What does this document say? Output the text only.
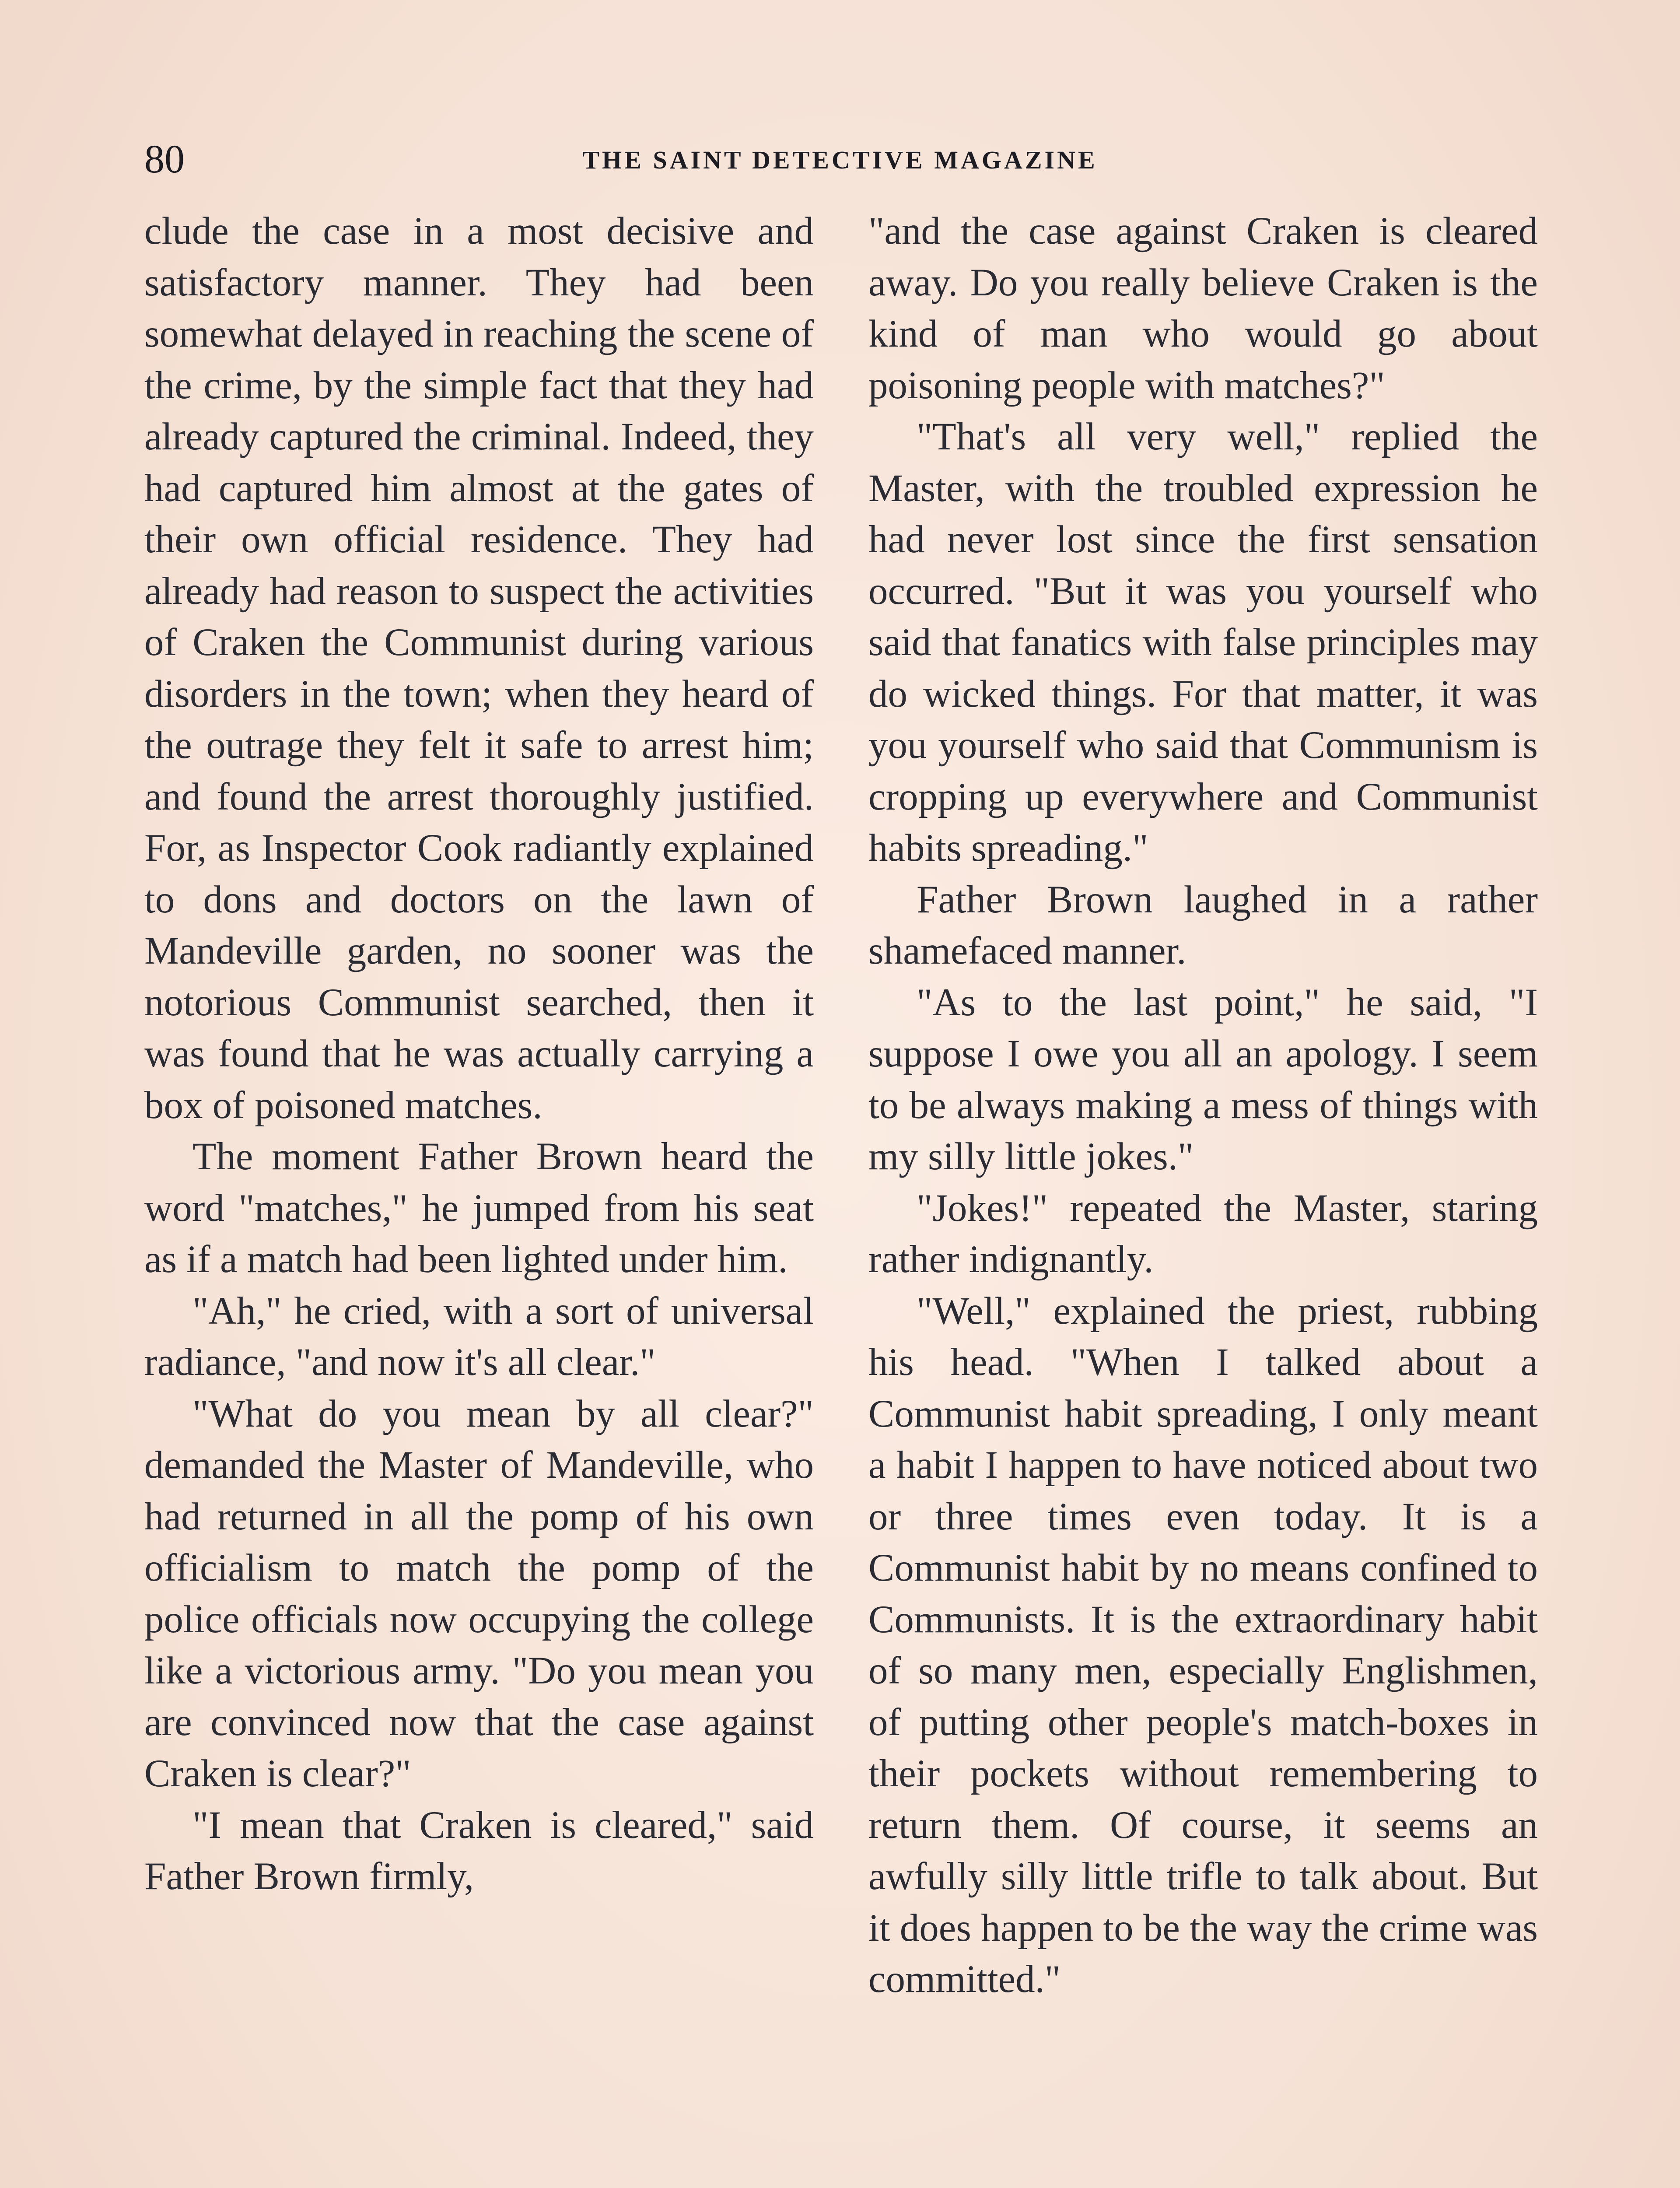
80	THE SAINT DETECTIVE MAGAZINE

clude the case in a most decisive and satisfactory manner. They had been somewhat delayed in reaching the scene of the crime, by the simple fact that they had already captured the criminal. Indeed, they had captured him almost at the gates of their own official residence. They had already had reason to suspect the activities of Craken the Communist during various disorders in the town; when they heard of the outrage they felt it safe to arrest him; and found the arrest thoroughly justified. For, as Inspector Cook radiantly explained to dons and doctors on the lawn of Mandeville garden, no sooner was the notorious Communist searched, then it was found that he was actually carrying a box of poisoned matches.

The moment Father Brown heard the word "matches," he jumped from his seat as if a match had been lighted under him.

"Ah," he cried, with a sort of universal radiance, "and now it's all clear."

"What do you mean by all clear?" demanded the Master of Mandeville, who had returned in all the pomp of his own officialism to match the pomp of the police officials now occupying the college like a victorious army. "Do you mean you are convinced now that the case against Craken is clear?"

"I mean that Craken is cleared," said Father Brown firmly,

"and the case against Craken is cleared away. Do you really believe Craken is the kind of man who would go about poisoning people with matches?"

"That's all very well," replied the Master, with the troubled expression he had never lost since the first sensation occurred. "But it was you yourself who said that fanatics with false principles may do wicked things. For that matter, it was you yourself who said that Communism is cropping up everywhere and Communist habits spreading."

Father Brown laughed in a rather shamefaced manner.

"As to the last point," he said, "I suppose I owe you all an apology. I seem to be always making a mess of things with my silly little jokes."

"Jokes!" repeated the Master, staring rather indignantly.

"Well," explained the priest, rubbing his head. "When I talked about a Communist habit spreading, I only meant a habit I happen to have noticed about two or three times even today. It is a Communist habit by no means confined to Communists. It is the extraordinary habit of so many men, especially Englishmen, of putting other people's match-boxes in their pockets without remembering to return them. Of course, it seems an awfully silly little trifle to talk about. But it does happen to be the way the crime was committed."
